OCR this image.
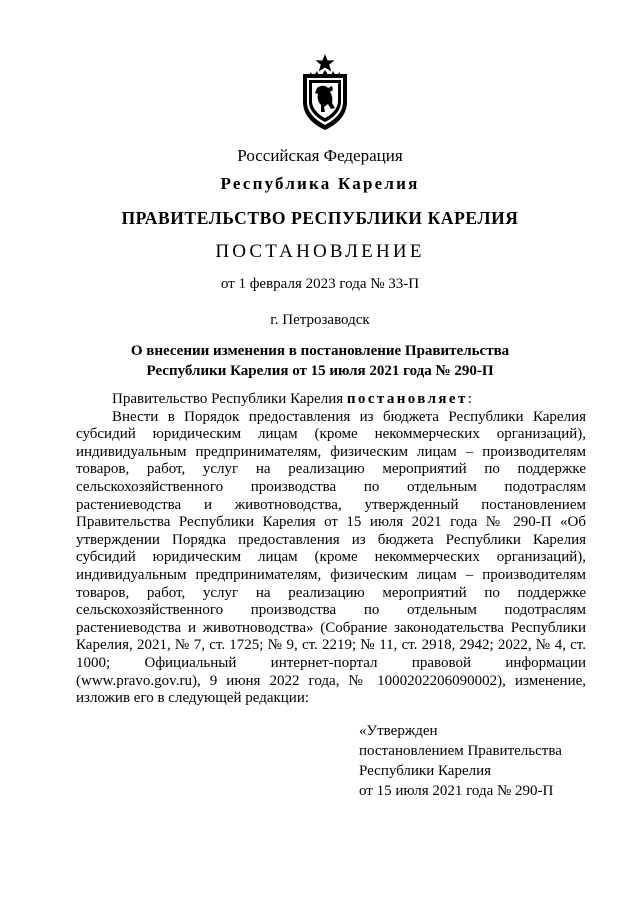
Российская Федерация
Республика Карелия
ПРАВИТЕЛЬСТВО РЕСПУБЛИКИ КАРЕЛИЯ
ПОСТАНОВЛЕНИЕ
от 1 февраля 2023 года № 33-П
г. Петрозаводск
О внесении изменения в постановление Правительства
Республики Карелия от 15 июля 2021 года № 290-П

Правительство Республики Карелия постановляет:

Внести в Порядок предоставления из бюджета Республики Карелия субсидий юридическим лицам (кроме некоммерческих организаций), индивидуальным предпринимателям, физическим лицам – производителям товаров, работ, услуг на реализацию мероприятий по поддержке сельскохозяйственного производства по отдельным подотраслям растениеводства и животноводства, утвержденный постановлением Правительства Республики Карелия от 15 июля 2021 года № 290-П «Об утверждении Порядка предоставления из бюджета Республики Карелия субсидий юридическим лицам (кроме некоммерческих организаций), индивидуальным предпринимателям, физическим лицам – производителям товаров, работ, услуг на реализацию мероприятий по поддержке сельскохозяйственного производства по отдельным подотраслям растениеводства и животноводства» (Собрание законодательства Республики Карелия, 2021, № 7, ст. 1725; № 9, ст. 2219; № 11, ст. 2918, 2942; 2022, № 4, ст. 1000; Официальный интернет-портал правовой информации (www.pravo.gov.ru), 9 июня 2022 года, № 1000202206090002), изменение, изложив его в следующей редакции:

«Утвержден
постановлением Правительства
Республики Карелия
от 15 июля 2021 года № 290-П
